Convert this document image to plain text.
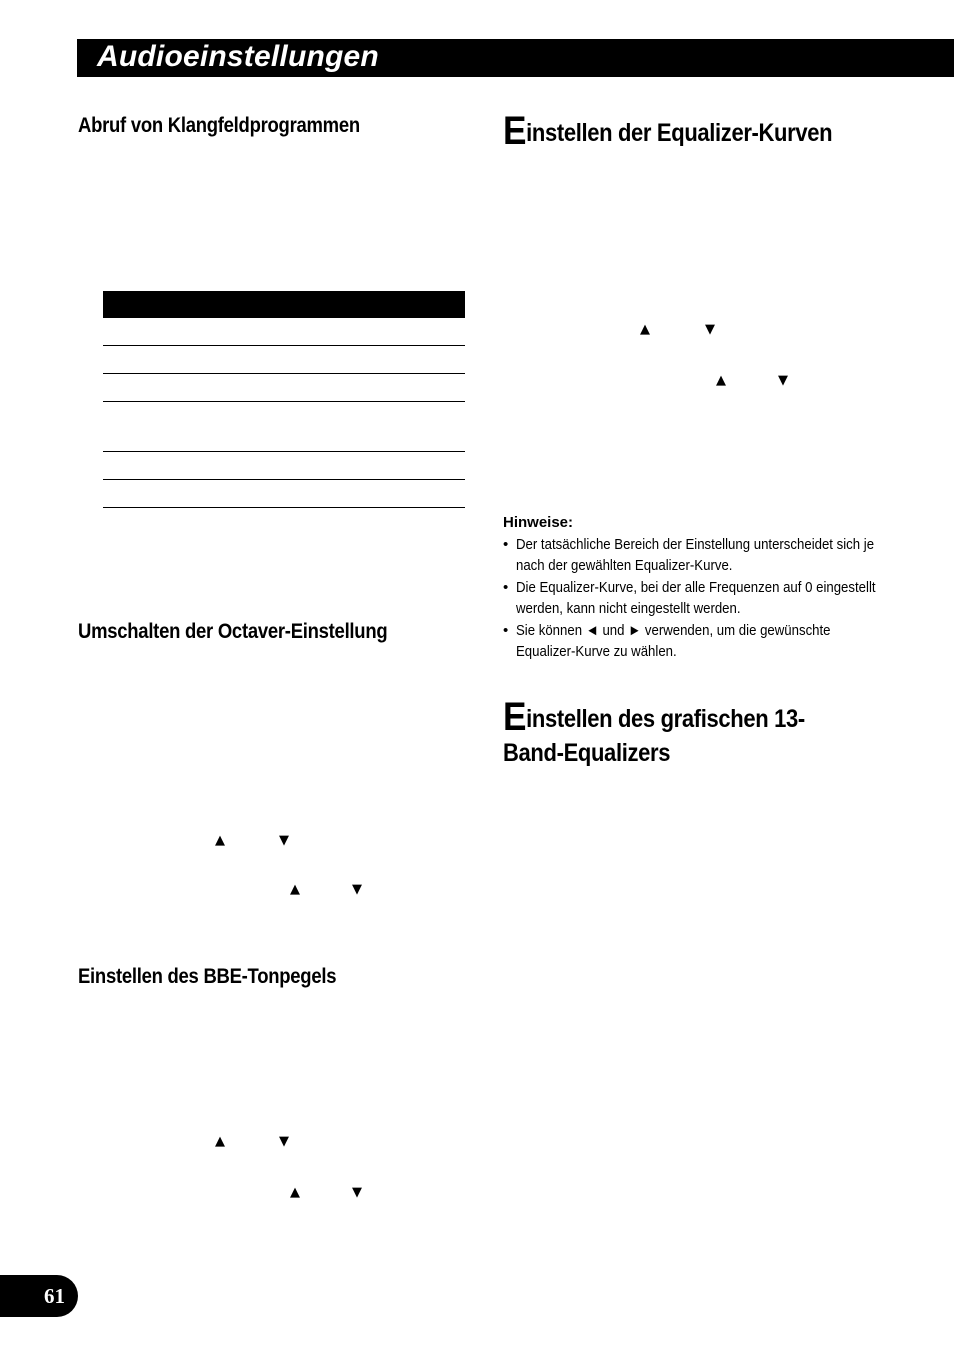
Audioeinstellungen
Abruf von Klangfeldprogrammen
Umschalten der Octaver-Einstellung
▲	▼
▲	▼
Einstellen des BBE-Tonpegels
▲	▼
▲	▼
Einstellen der Equalizer-Kurven
▲	▼
▲	▼
Hinweise:
• Der tatsächliche Bereich der Einstellung unterscheidet sich je nach der gewählten Equalizer-Kurve.
• Die Equalizer-Kurve, bei der alle Frequenzen auf 0 eingestellt werden, kann nicht eingestellt werden.
• Sie können ◄ und ► verwenden, um die gewünschte Equalizer-Kurve zu wählen.
Einstellen des grafischen 13-Band-Equalizers
61
